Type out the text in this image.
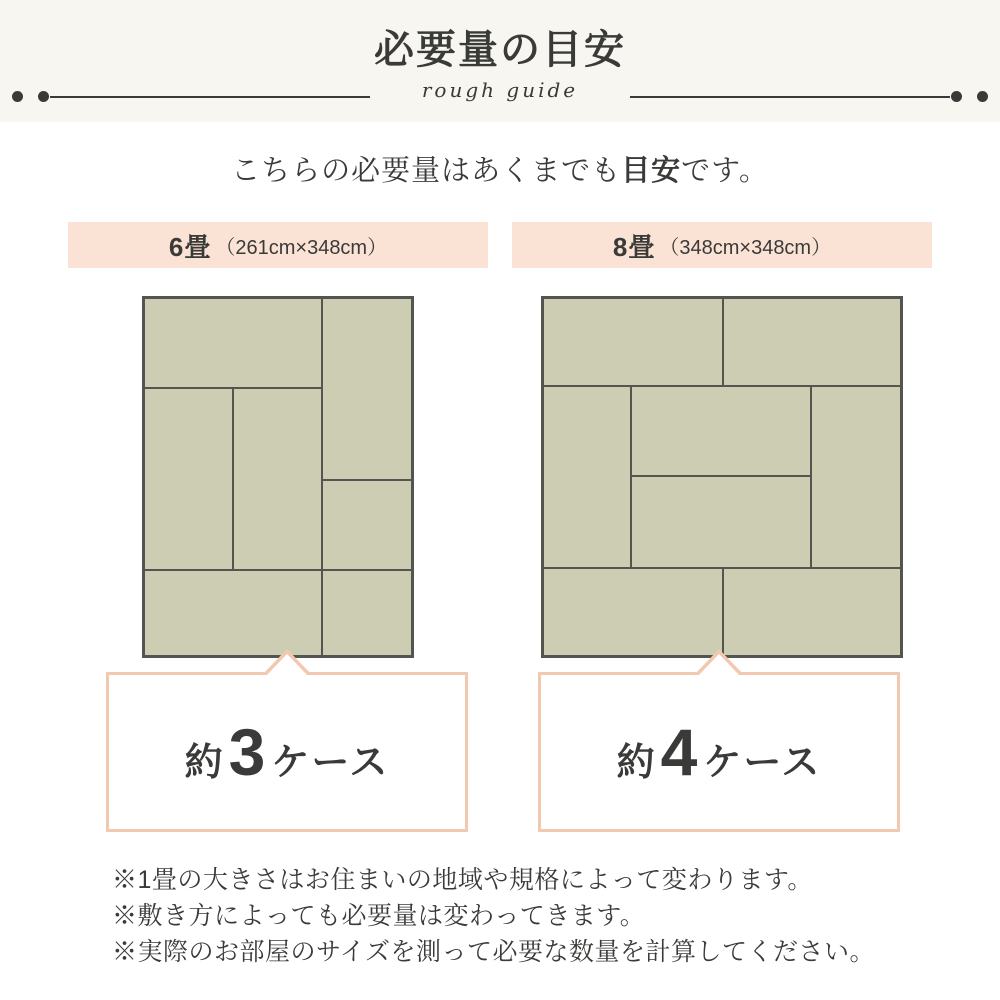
必要量の目安
rough guide
こちらの必要量はあくまでも目安です。
6畳 （261cm×348cm）	8畳 （348cm×348cm）
約 3 ケース	約 4 ケース
※1畳の大きさはお住まいの地域や規格によって変わります。
※敷き方によっても必要量は変わってきます。
※実際のお部屋のサイズを測って必要な数量を計算してください。
